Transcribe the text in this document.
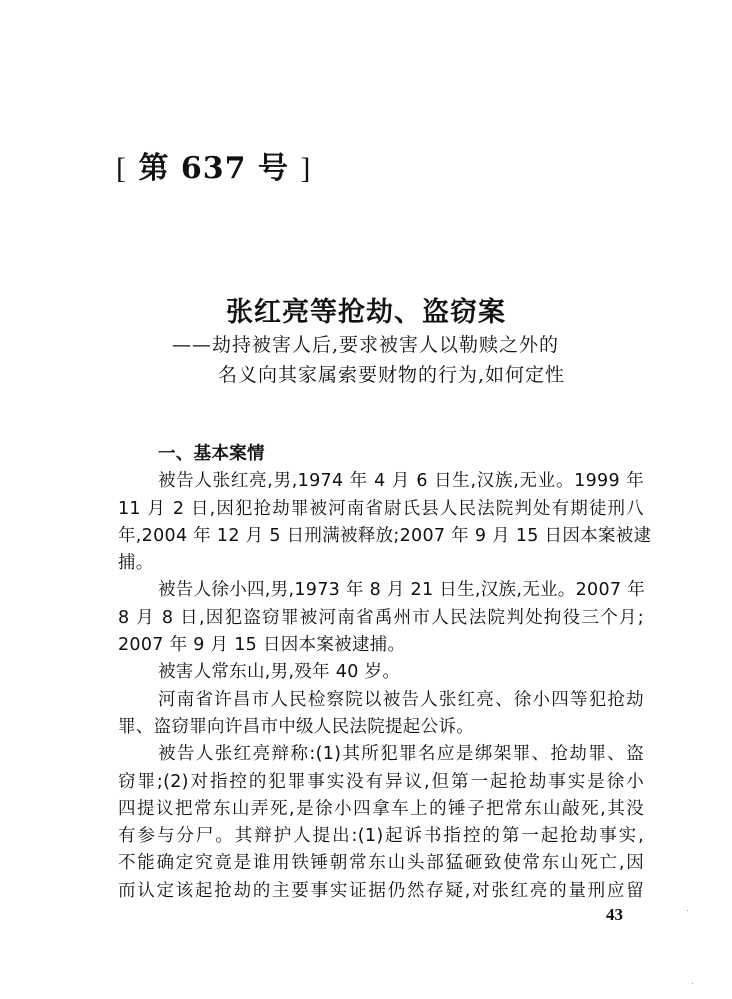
[ 第 637 号 ]
张红亮等抢劫、盗窃案
——劫持被害人后,要求被害人以勒赎之外的
名义向其家属索要财物的行为,如何定性
一、基本案情
被告人张红亮,男,1974 年 4 月 6 日生,汉族,无业。1999 年
11 月 2 日,因犯抢劫罪被河南省尉氏县人民法院判处有期徒刑八
年,2004 年 12 月 5 日刑满被释放;2007 年 9 月 15 日因本案被逮
捕。
被告人徐小四,男,1973 年 8 月 21 日生,汉族,无业。2007 年
8 月 8 日,因犯盗窃罪被河南省禹州市人民法院判处拘役三个月;
2007 年 9 月 15 日因本案被逮捕。
被害人常东山,男,殁年 40 岁。
河南省许昌市人民检察院以被告人张红亮、徐小四等犯抢劫
罪、盗窃罪向许昌市中级人民法院提起公诉。
被告人张红亮辩称:(1)其所犯罪名应是绑架罪、抢劫罪、盗
窃罪;(2)对指控的犯罪事实没有异议,但第一起抢劫事实是徐小
四提议把常东山弄死,是徐小四拿车上的锤子把常东山敲死,其没
有参与分尸。其辩护人提出:(1)起诉书指控的第一起抢劫事实,
不能确定究竟是谁用铁锤朝常东山头部猛砸致使常东山死亡,因
而认定该起抢劫的主要事实证据仍然存疑,对张红亮的量刑应留
43
